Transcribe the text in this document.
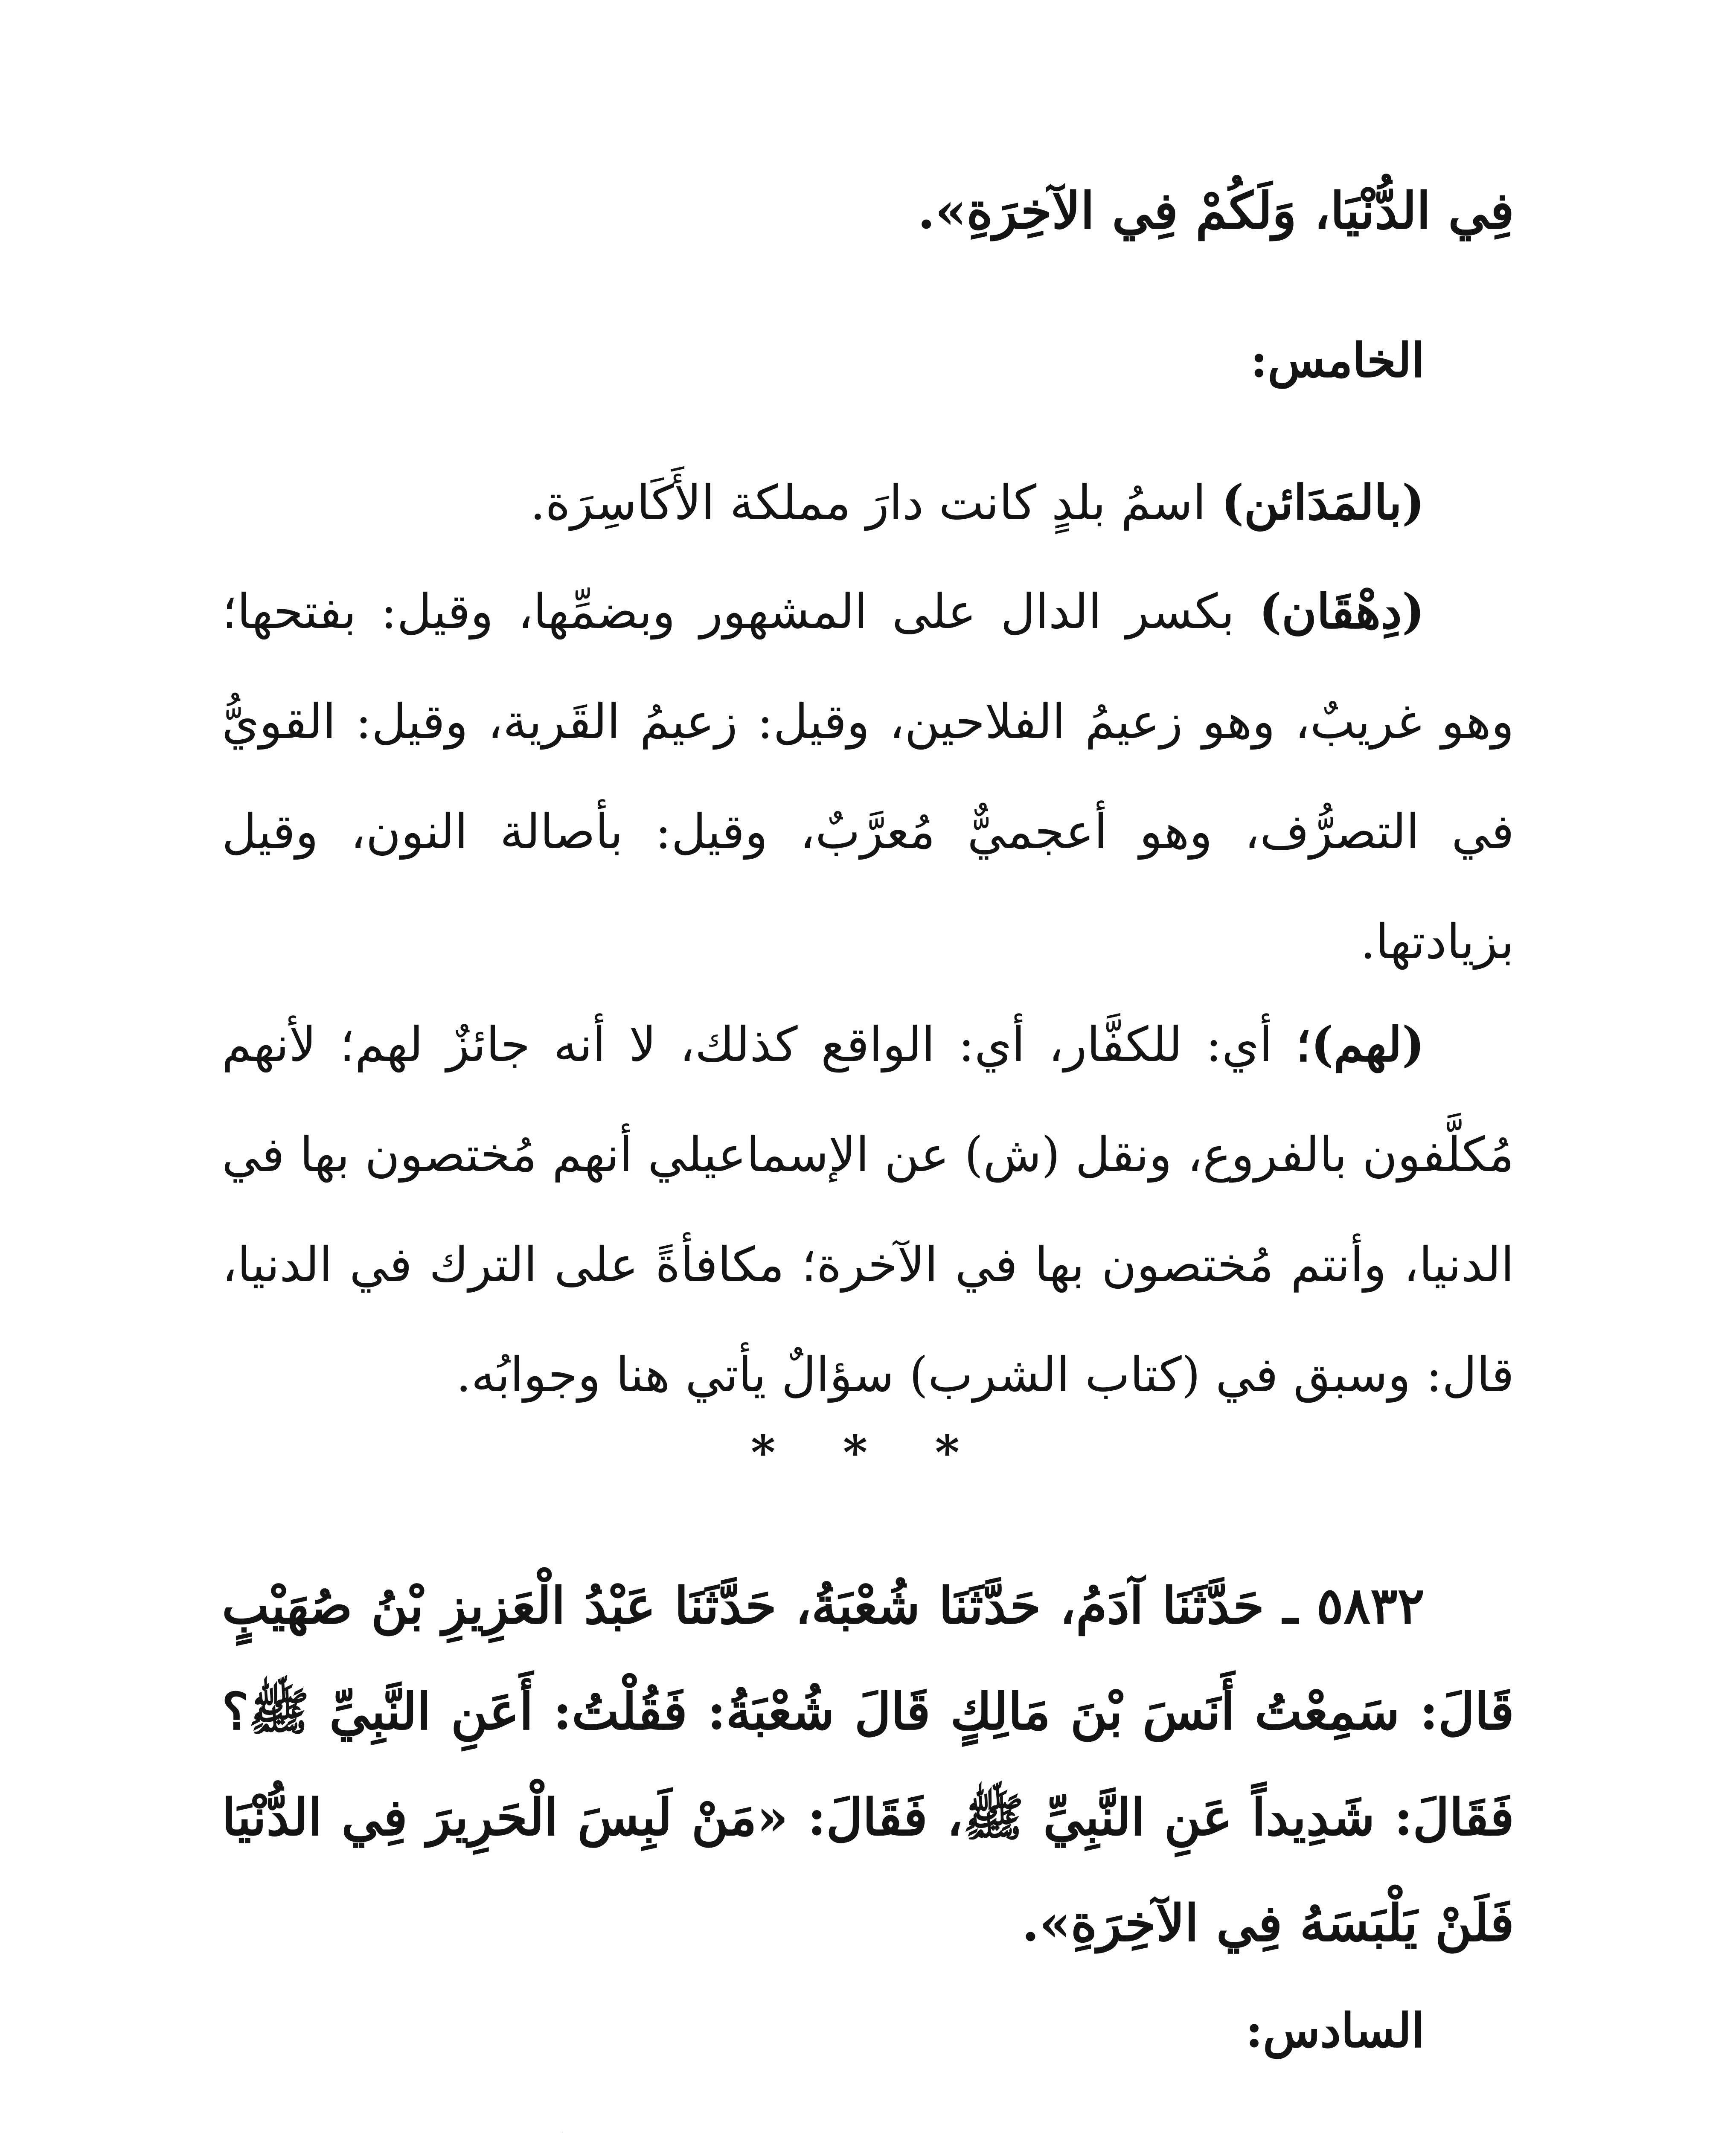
فِي الدُّنْيَا، وَلَكُمْ فِي الآخِرَةِ».
الخامس:
(بالمَدَائن) اسمُ بلدٍ كانت دارَ مملكة الأَكَاسِرَة.
(دِهْقَان) بكسر الدال على المشهور وبضمِّها، وقيل: بفتحها؛ وهو غريبٌ، وهو زعيمُ الفلاحين، وقيل: زعيمُ القَرية، وقيل: القويُّ في التصرُّف، وهو أعجميٌّ مُعرَّبٌ، وقيل: بأصالة النون، وقيل بزيادتها.
(لهم)؛ أي: للكفَّار، أي: الواقع كذلك، لا أنه جائزٌ لهم؛ لأنهم مُكلَّفون بالفروع، ونقل (ش) عن الإسماعيلي أنهم مُختصون بها في الدنيا، وأنتم مُختصون بها في الآخرة؛ مكافأةً على الترك في الدنيا، قال: وسبق في (كتاب الشرب) سؤالٌ يأتي هنا وجوابُه.
* * *
٥٨٣٢ ـ حَدَّثَنَا آدَمُ، حَدَّثَنَا شُعْبَةُ، حَدَّثَنَا عَبْدُ الْعَزِيزِ بْنُ صُهَيْبٍ قَالَ: سَمِعْتُ أَنَسَ بْنَ مَالِكٍ قَالَ شُعْبَةُ: فَقُلْتُ: أَعَنِ النَّبِيِّ ﷺ؟ فَقَالَ: شَدِيداً عَنِ النَّبِيِّ ﷺ، فَقَالَ: «مَنْ لَبِسَ الْحَرِيرَ فِي الدُّنْيَا فَلَنْ يَلْبَسَهُ فِي الآخِرَةِ».
السادس:
